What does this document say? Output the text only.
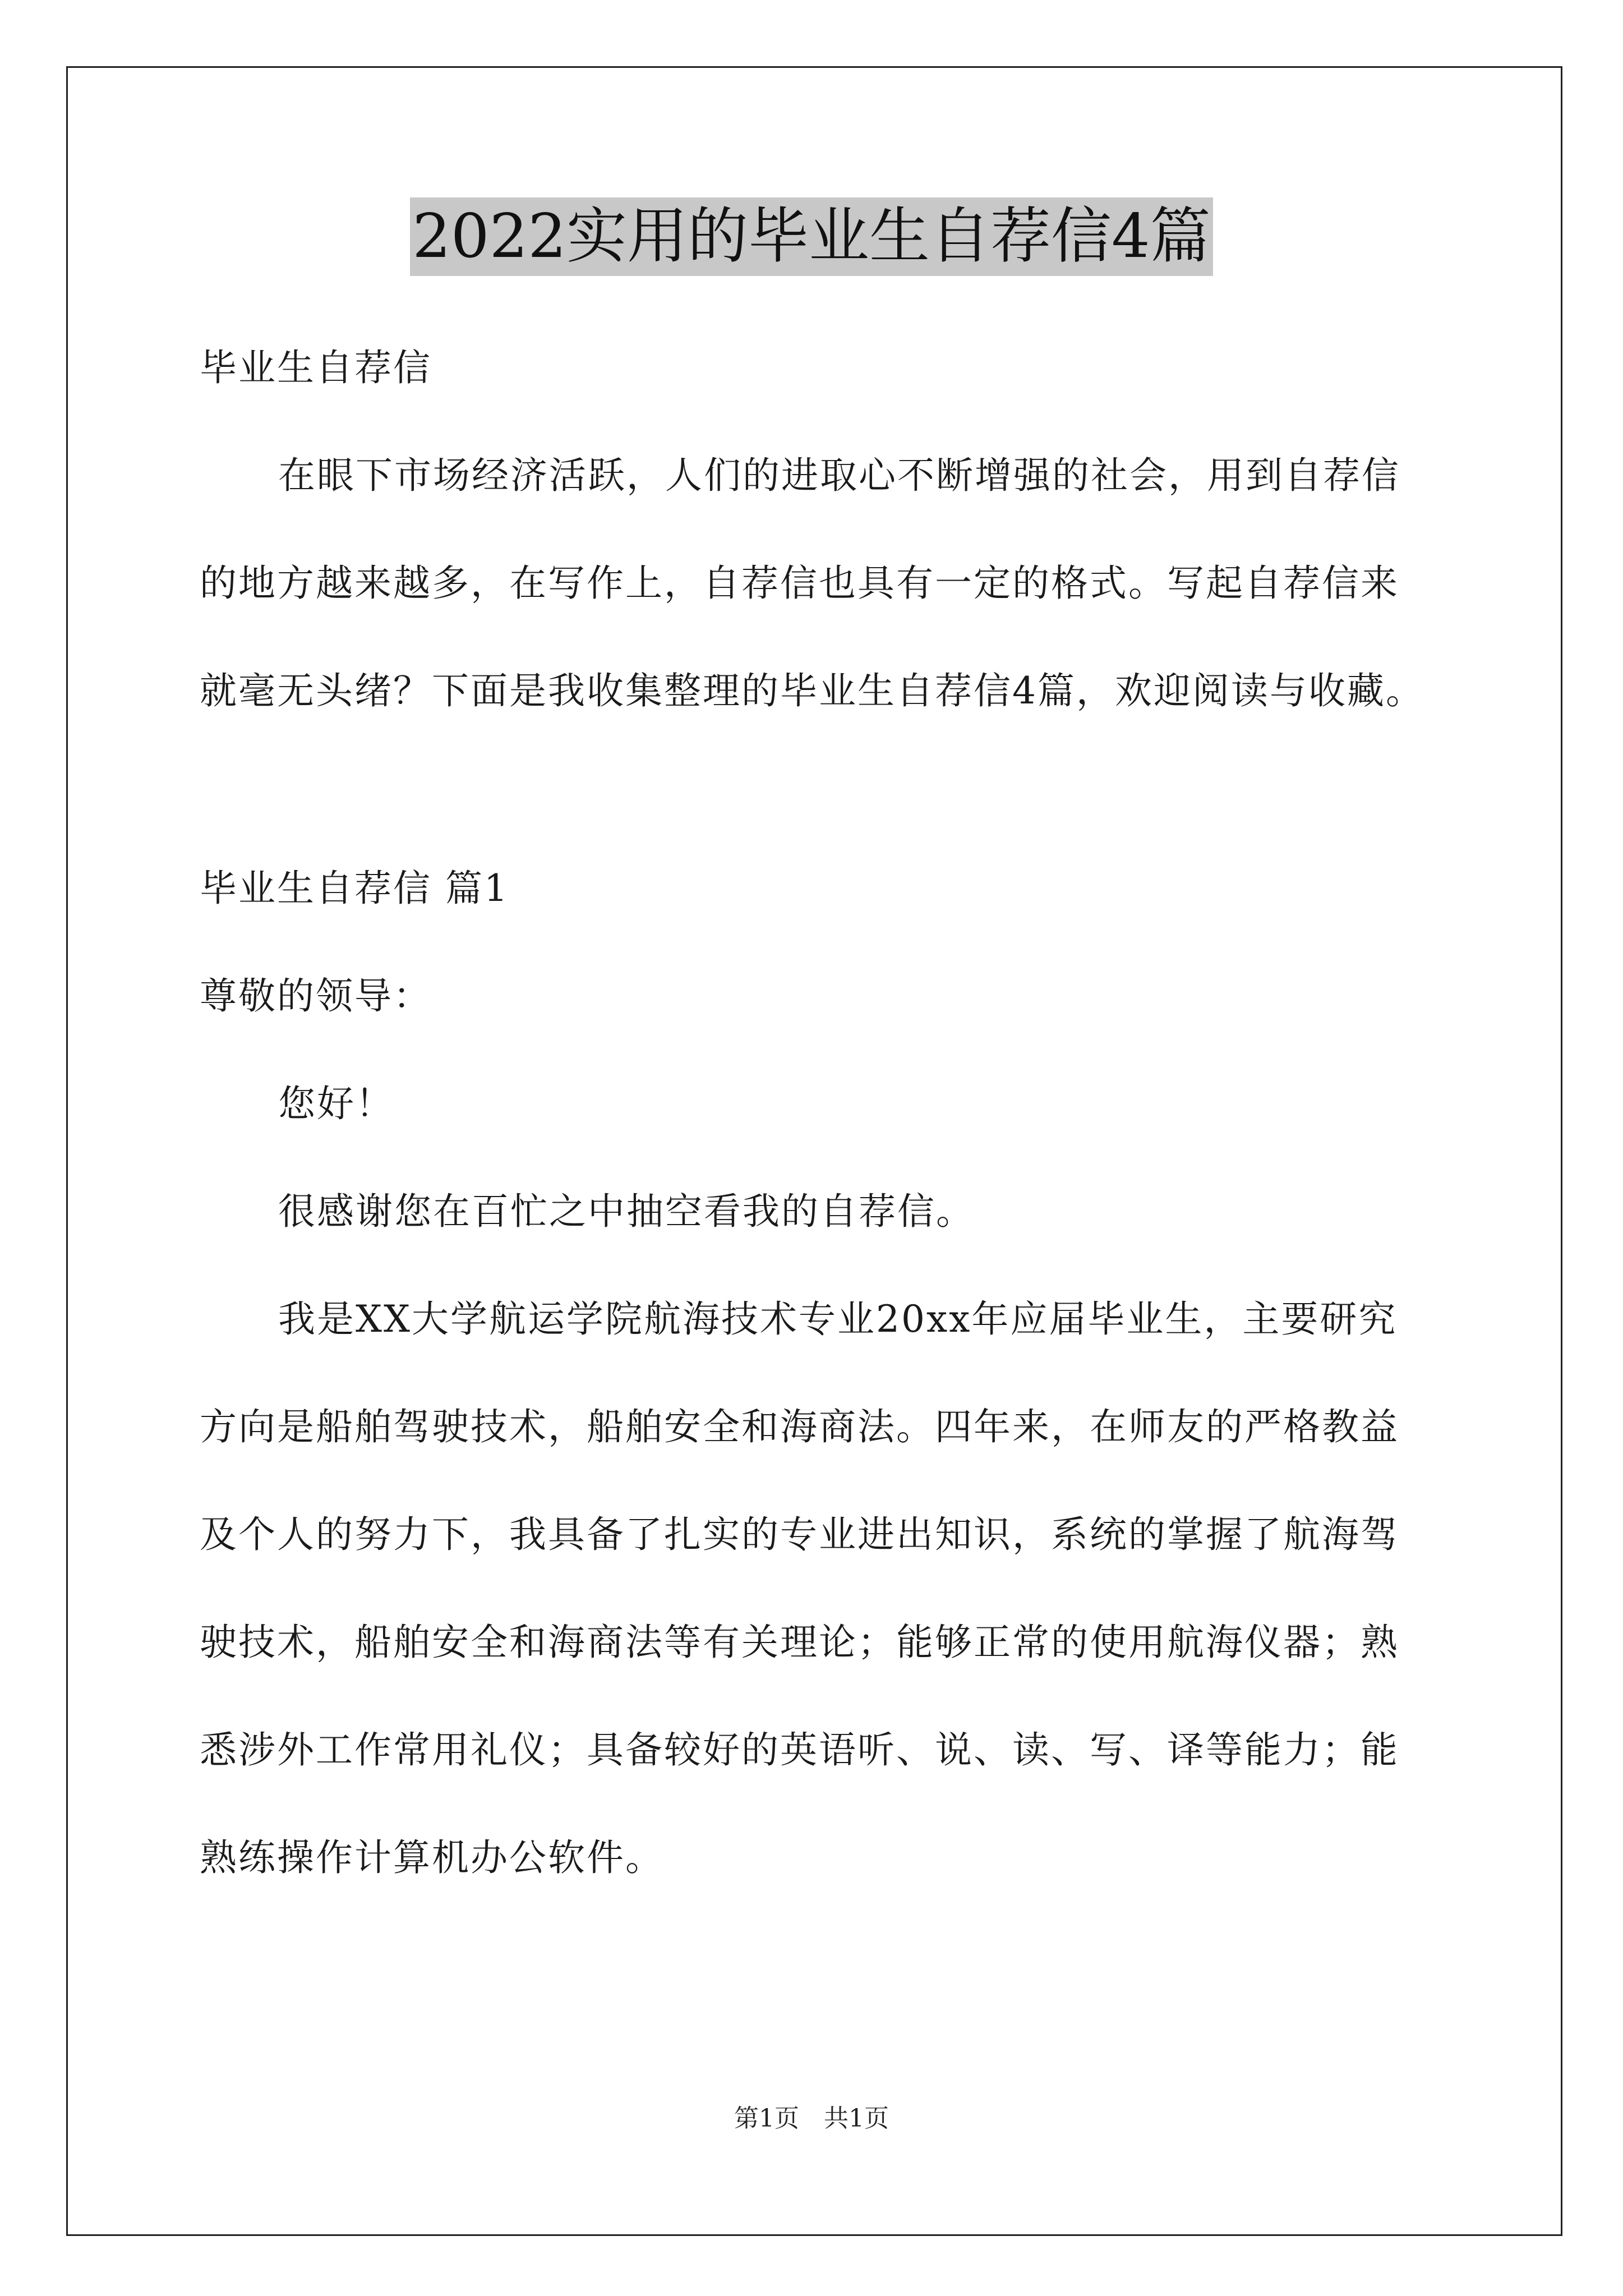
2022实用的毕业生自荐信4篇

毕业生自荐信

在眼下市场经济活跃，人们的进取心不断增强的社会，用到自荐信的地方越来越多，在写作上，自荐信也具有一定的格式。写起自荐信来就毫无头绪？下面是我收集整理的毕业生自荐信4篇，欢迎阅读与收藏。

毕业生自荐信 篇1

尊敬的领导：

您好！

很感谢您在百忙之中抽空看我的自荐信。

我是XX大学航运学院航海技术专业20xx年应届毕业生，主要研究方向是船舶驾驶技术，船舶安全和海商法。四年来，在师友的严格教益及个人的努力下，我具备了扎实的专业进出知识，系统的掌握了航海驾驶技术，船舶安全和海商法等有关理论；能够正常的使用航海仪器；熟悉涉外工作常用礼仪；具备较好的英语听、说、读、写、译等能力；能熟练操作计算机办公软件。

第1页　共1页
